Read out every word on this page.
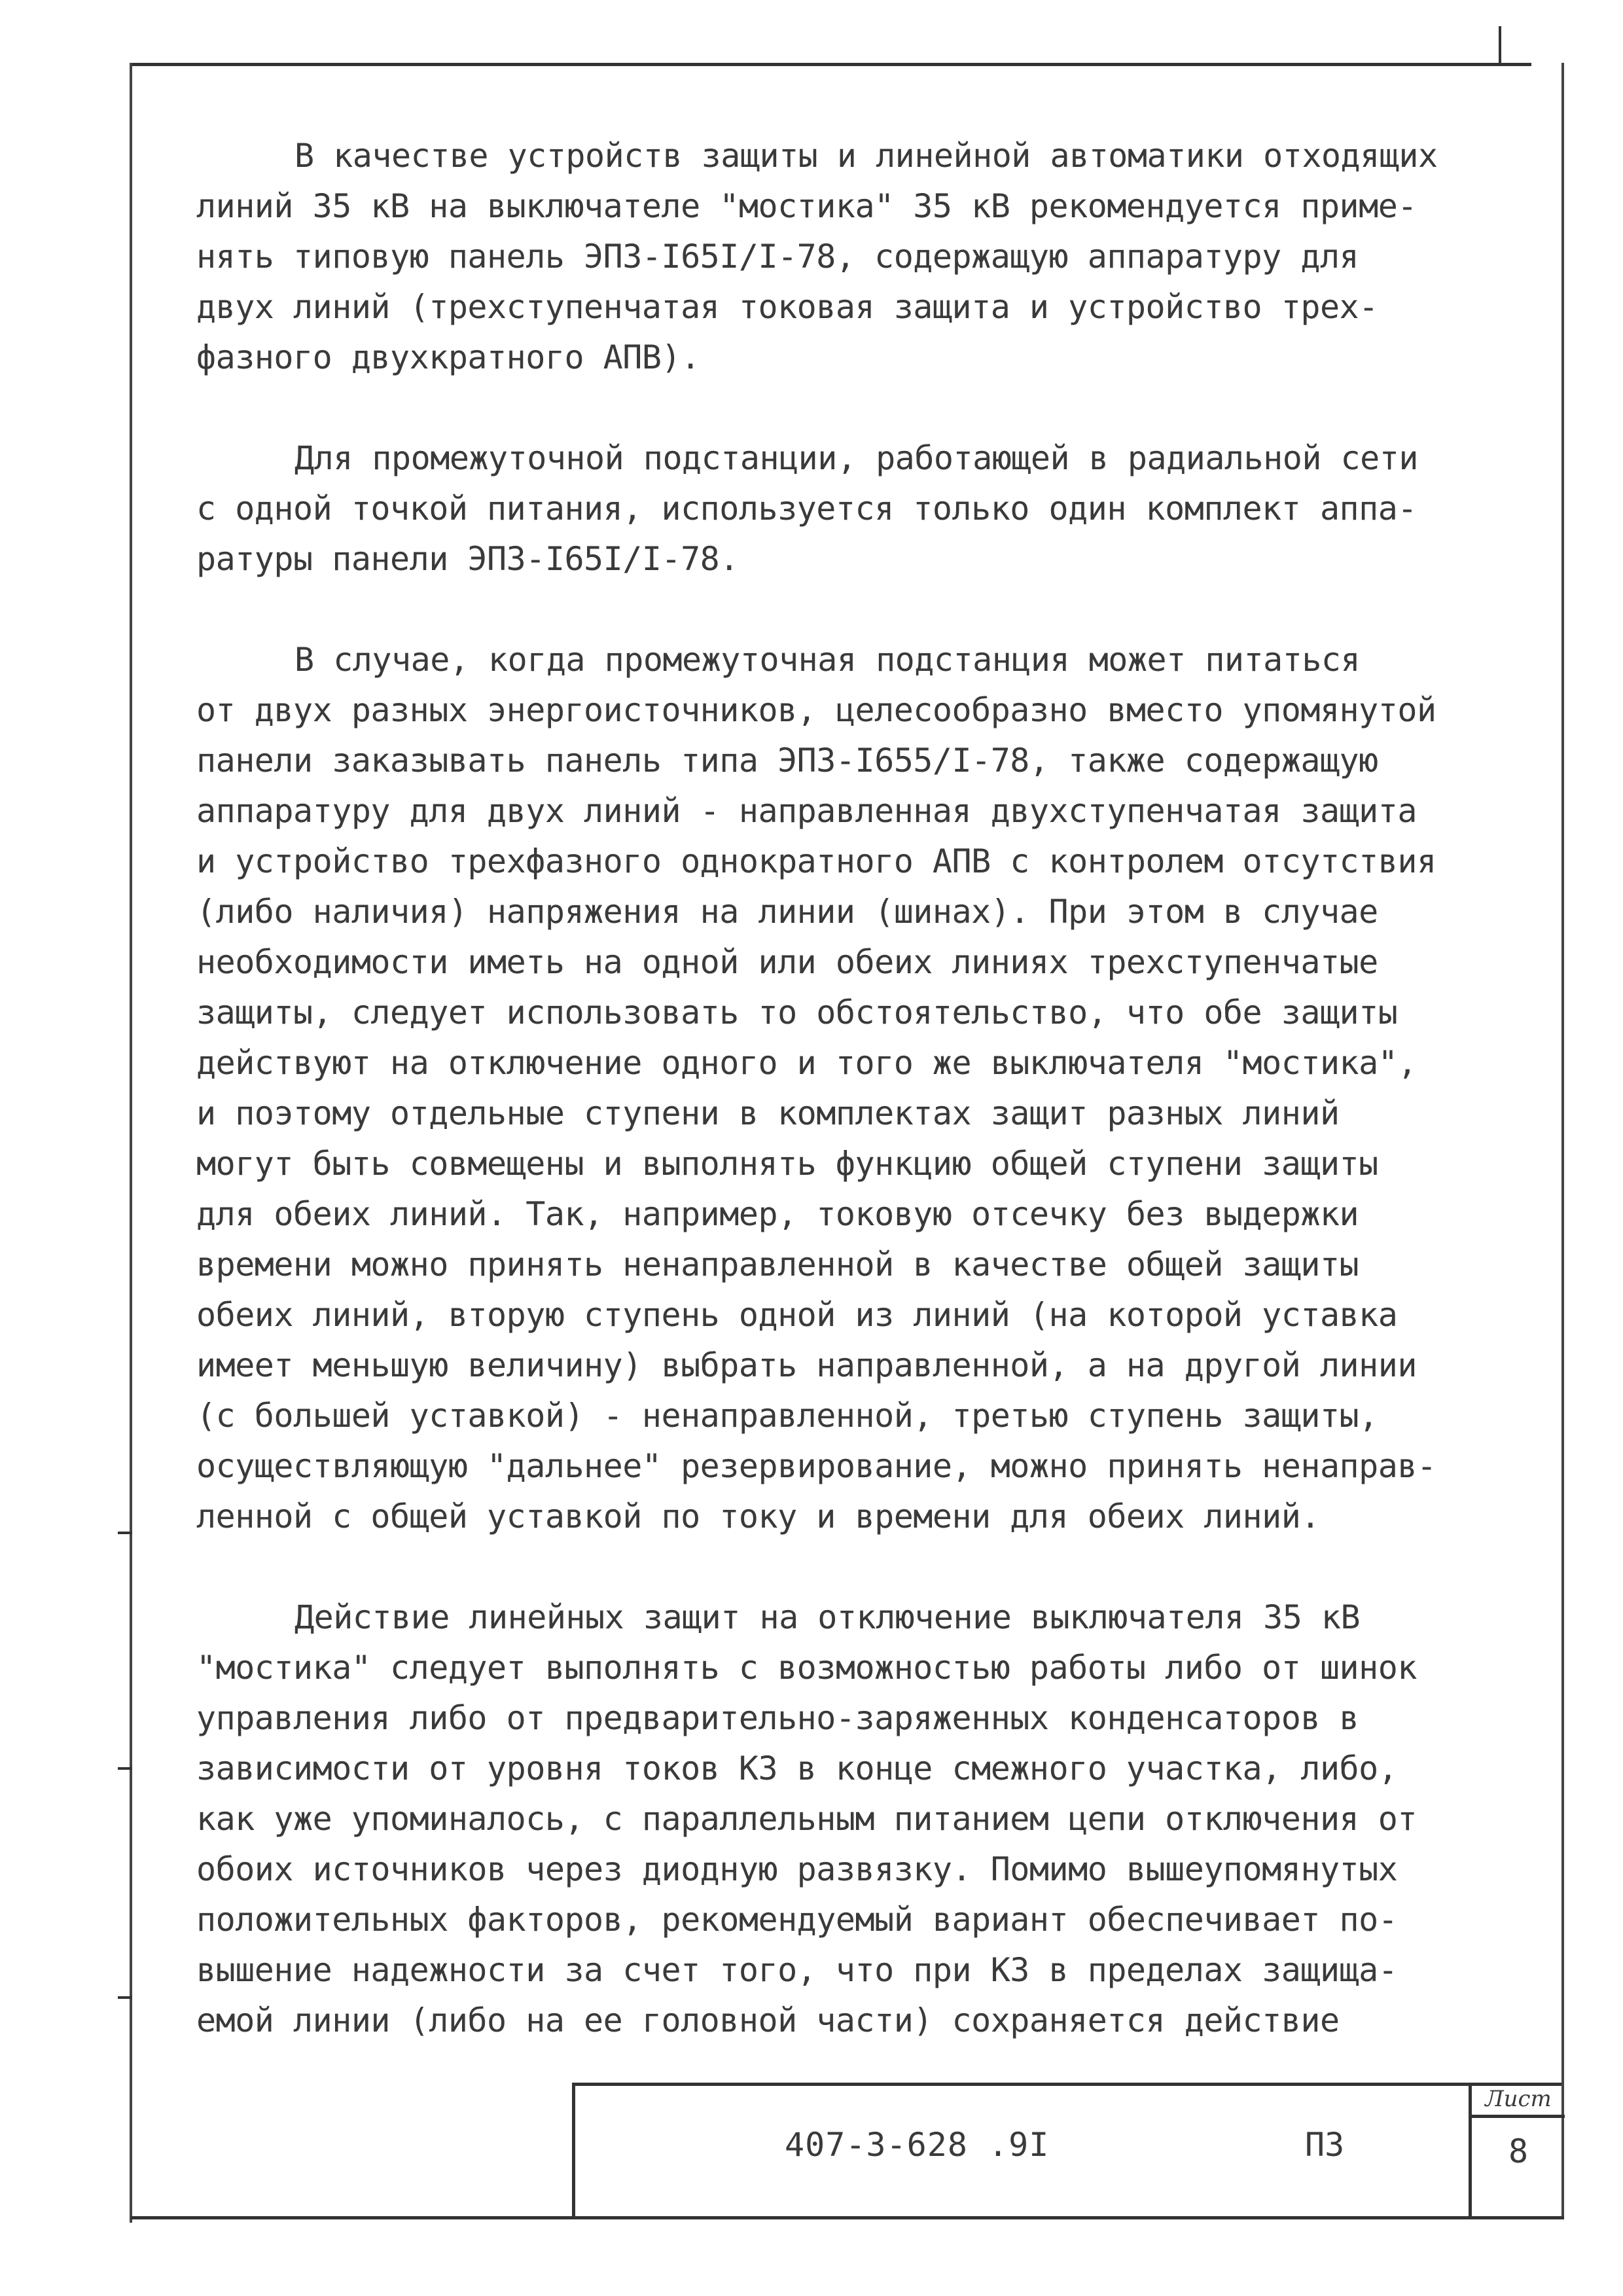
В качестве устройств защиты и линейной автоматики отходящих
линий 35 кВ на выключателе "мостика" 35 кВ рекомендуется приме-
нять типовую панель ЭПЗ-I65I/I-78, содержащую аппаратуру для
двух линий (трехступенчатая токовая защита и устройство трех-
фазного двухкратного АПВ).
Для промежуточной подстанции, работающей в радиальной сети
с одной точкой питания, используется только один комплект аппа-
ратуры панели ЭПЗ-I65I/I-78.
В случае, когда промежуточная подстанция может питаться
от двух разных энергоисточников, целесообразно вместо упомянутой
панели заказывать панель типа ЭПЗ-I655/I-78, также содержащую
аппаратуру для двух линий - направленная двухступенчатая защита
и устройство трехфазного однократного АПВ с контролем отсутствия
(либо наличия) напряжения на линии (шинах). При этом в случае
необходимости иметь на одной или обеих линиях трехступенчатые
защиты, следует использовать то обстоятельство, что обе защиты
действуют на отключение одного и того же выключателя "мостика",
и поэтому отдельные ступени в комплектах защит разных линий
могут быть совмещены и выполнять функцию общей ступени защиты
для обеих линий. Так, например, токовую отсечку без выдержки
времени можно принять ненаправленной в качестве общей защиты
обеих линий, вторую ступень одной из линий (на которой уставка
имеет меньшую величину) выбрать направленной, а на другой линии
(с большей уставкой) - ненаправленной, третью ступень защиты,
осуществляющую "дальнее" резервирование, можно принять ненаправ-
ленной с общей уставкой по току и времени для обеих линий.
Действие линейных защит на отключение выключателя 35 кВ
"мостика" следует выполнять с возможностью работы либо от шинок
управления либо от предварительно-заряженных конденсаторов в
зависимости от уровня токов КЗ в конце смежного участка, либо,
как уже упоминалось, с параллельным питанием цепи отключения от
обоих источников через диодную развязку. Помимо вышеупомянутых
положительных факторов, рекомендуемый вариант обеспечивает по-
вышение надежности за счет того, что при КЗ в пределах защища-
емой линии (либо на ее головной части) сохраняется действие
407-3-628 .9I	ПЗ
Лист
8
